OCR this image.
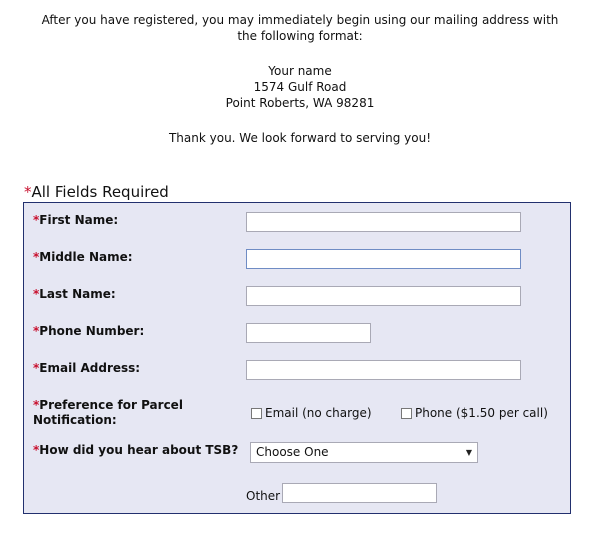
After you have registered, you may immediately begin using our mailing address with
the following format:
Your name
1574 Gulf Road
Point Roberts, WA 98281
Thank you. We look forward to serving you!
*All Fields Required
*First Name:
*Middle Name:
*Last Name:
*Phone Number:
*Email Address:
*Preference for Parcel
Notification:	Email (no charge)	Phone ($1.50 per call)
*How did you hear about TSB?	Choose One	▼
Other
